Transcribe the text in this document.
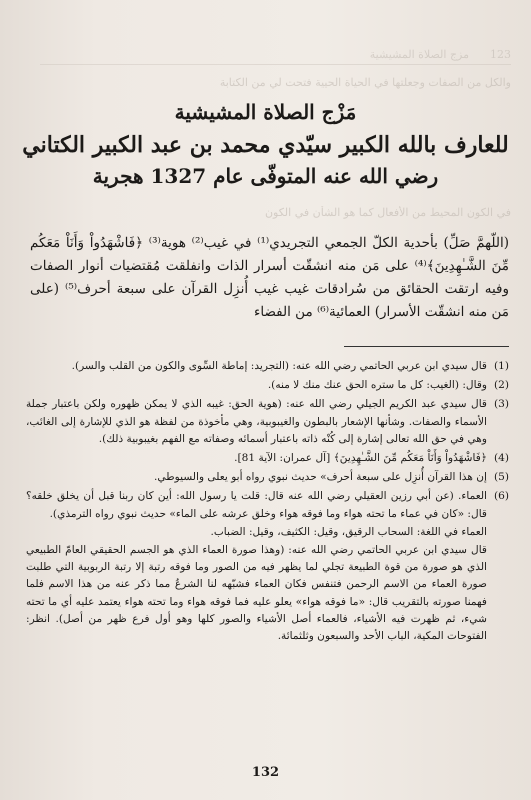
123      مزج الصلاة المشيشية
والكل من الصفات وجعلتها في الحياة الحيية فتحت لي من الكتابة
في الكون المحيط من الأفعال كما هو الشأن في الكون
مَزْج الصلاة المشيشية
للعارف بالله الكبير سيّدي محمد بن عبد الكبير الكتاني
رضي الله عنه المتوفّى عام 1327 هجرية
(اللّهمَّ صَلِّ) بأحدية الكلّ الجمعي التجريدي⁽¹⁾ في غيب⁽²⁾ هوية⁽³⁾ ﴿فَاشْهَدُواْ وَأَنَاْ مَعَكُم مِّنَ الشَّـٰهِدِينَ﴾⁽⁴⁾ على مَن منه انشقّت أسرار الذات وانفلقت مُقتضيات أنوار الصفات وفيه ارتقت الحقائق من سُرادقات غيب غيب أُنزِل القرآن على سبعة أحرف⁽⁵⁾ (على مَن منه انشقّت الأسرار) العمائية⁽⁶⁾ من الفضاء
(1)
قال سيدي ابن عربي الحاتمي رضي الله عنه: (التجريد: إماطة السِّوى والكون من القلب والسر).
(2)
وقال: (الغيب: كل ما ستره الحق عنك منك لا منه).
(3)
قال سيدي عبد الكريم الجيلي رضي الله عنه: (هوية الحق: غيبه الذي لا يمكن ظهوره ولكن باعتبار جملة الأسماء والصفات. وشأنها الإشعار بالبطون والغيبوبية، وهي مأخوذة من لفظة هو الذي للإشارة إلى الغائب، وهي في حق الله تعالى إشارة إلى كُنْه ذاته باعتبار أسمائه وصفاته مع الفهم بغيبوبية ذلك).
(4)
﴿فَاشْهَدُواْ وَأَنَاْ مَعَكُم مِّنَ الشَّـٰهِدِينَ﴾ [آل عمران: الآية 81].
(5)
إن هذا القرآن أُنزِل على سبعة أحرف» حديث نبوي رواه أبو يعلى والسيوطي.
(6)
العماء. (عن أبي رزين العقيلي رضي الله عنه قال: قلت يا رسول الله: أين كان ربنا قبل أن يخلق خلقه؟ قال: «كان في عماء ما تحته هواء وما فوقه هواء وخلق عرشه على الماء» حديث نبوي رواه الترمذي).
العماء في اللغة: السحاب الرقيق، وقيل: الكثيف، وقيل: الضباب.
قال سيدي ابن عربي الحاتمي رضي الله عنه: (وهذا صورة العماء الذي هو الجسم الحقيقي العامّ الطبيعي الذي هو صورة من قوة الطبيعة تجلي لما يظهر فيه من الصور وما فوقه رتبة إلا رتبة الربوبية التي طلبت صورة العماء من الاسم الرحمن فتنفس فكان العماء فشبّهه لنا الشرعُ مما ذكر عنه من هذا الاسم فلما فهمنا صورته بالتقريب قال: «ما فوقه هواء» يعلو عليه فما فوقه هواء وما تحته هواء يعتمد عليه أي ما تحته شيء، ثم ظهرت فيه الأشياء، فالعماء أصل الأشياء والصور كلها وهو أول فرع ظهر من أصل). انظر: الفتوحات المكية، الباب الأحد والسبعون وثلثمائة.
132
